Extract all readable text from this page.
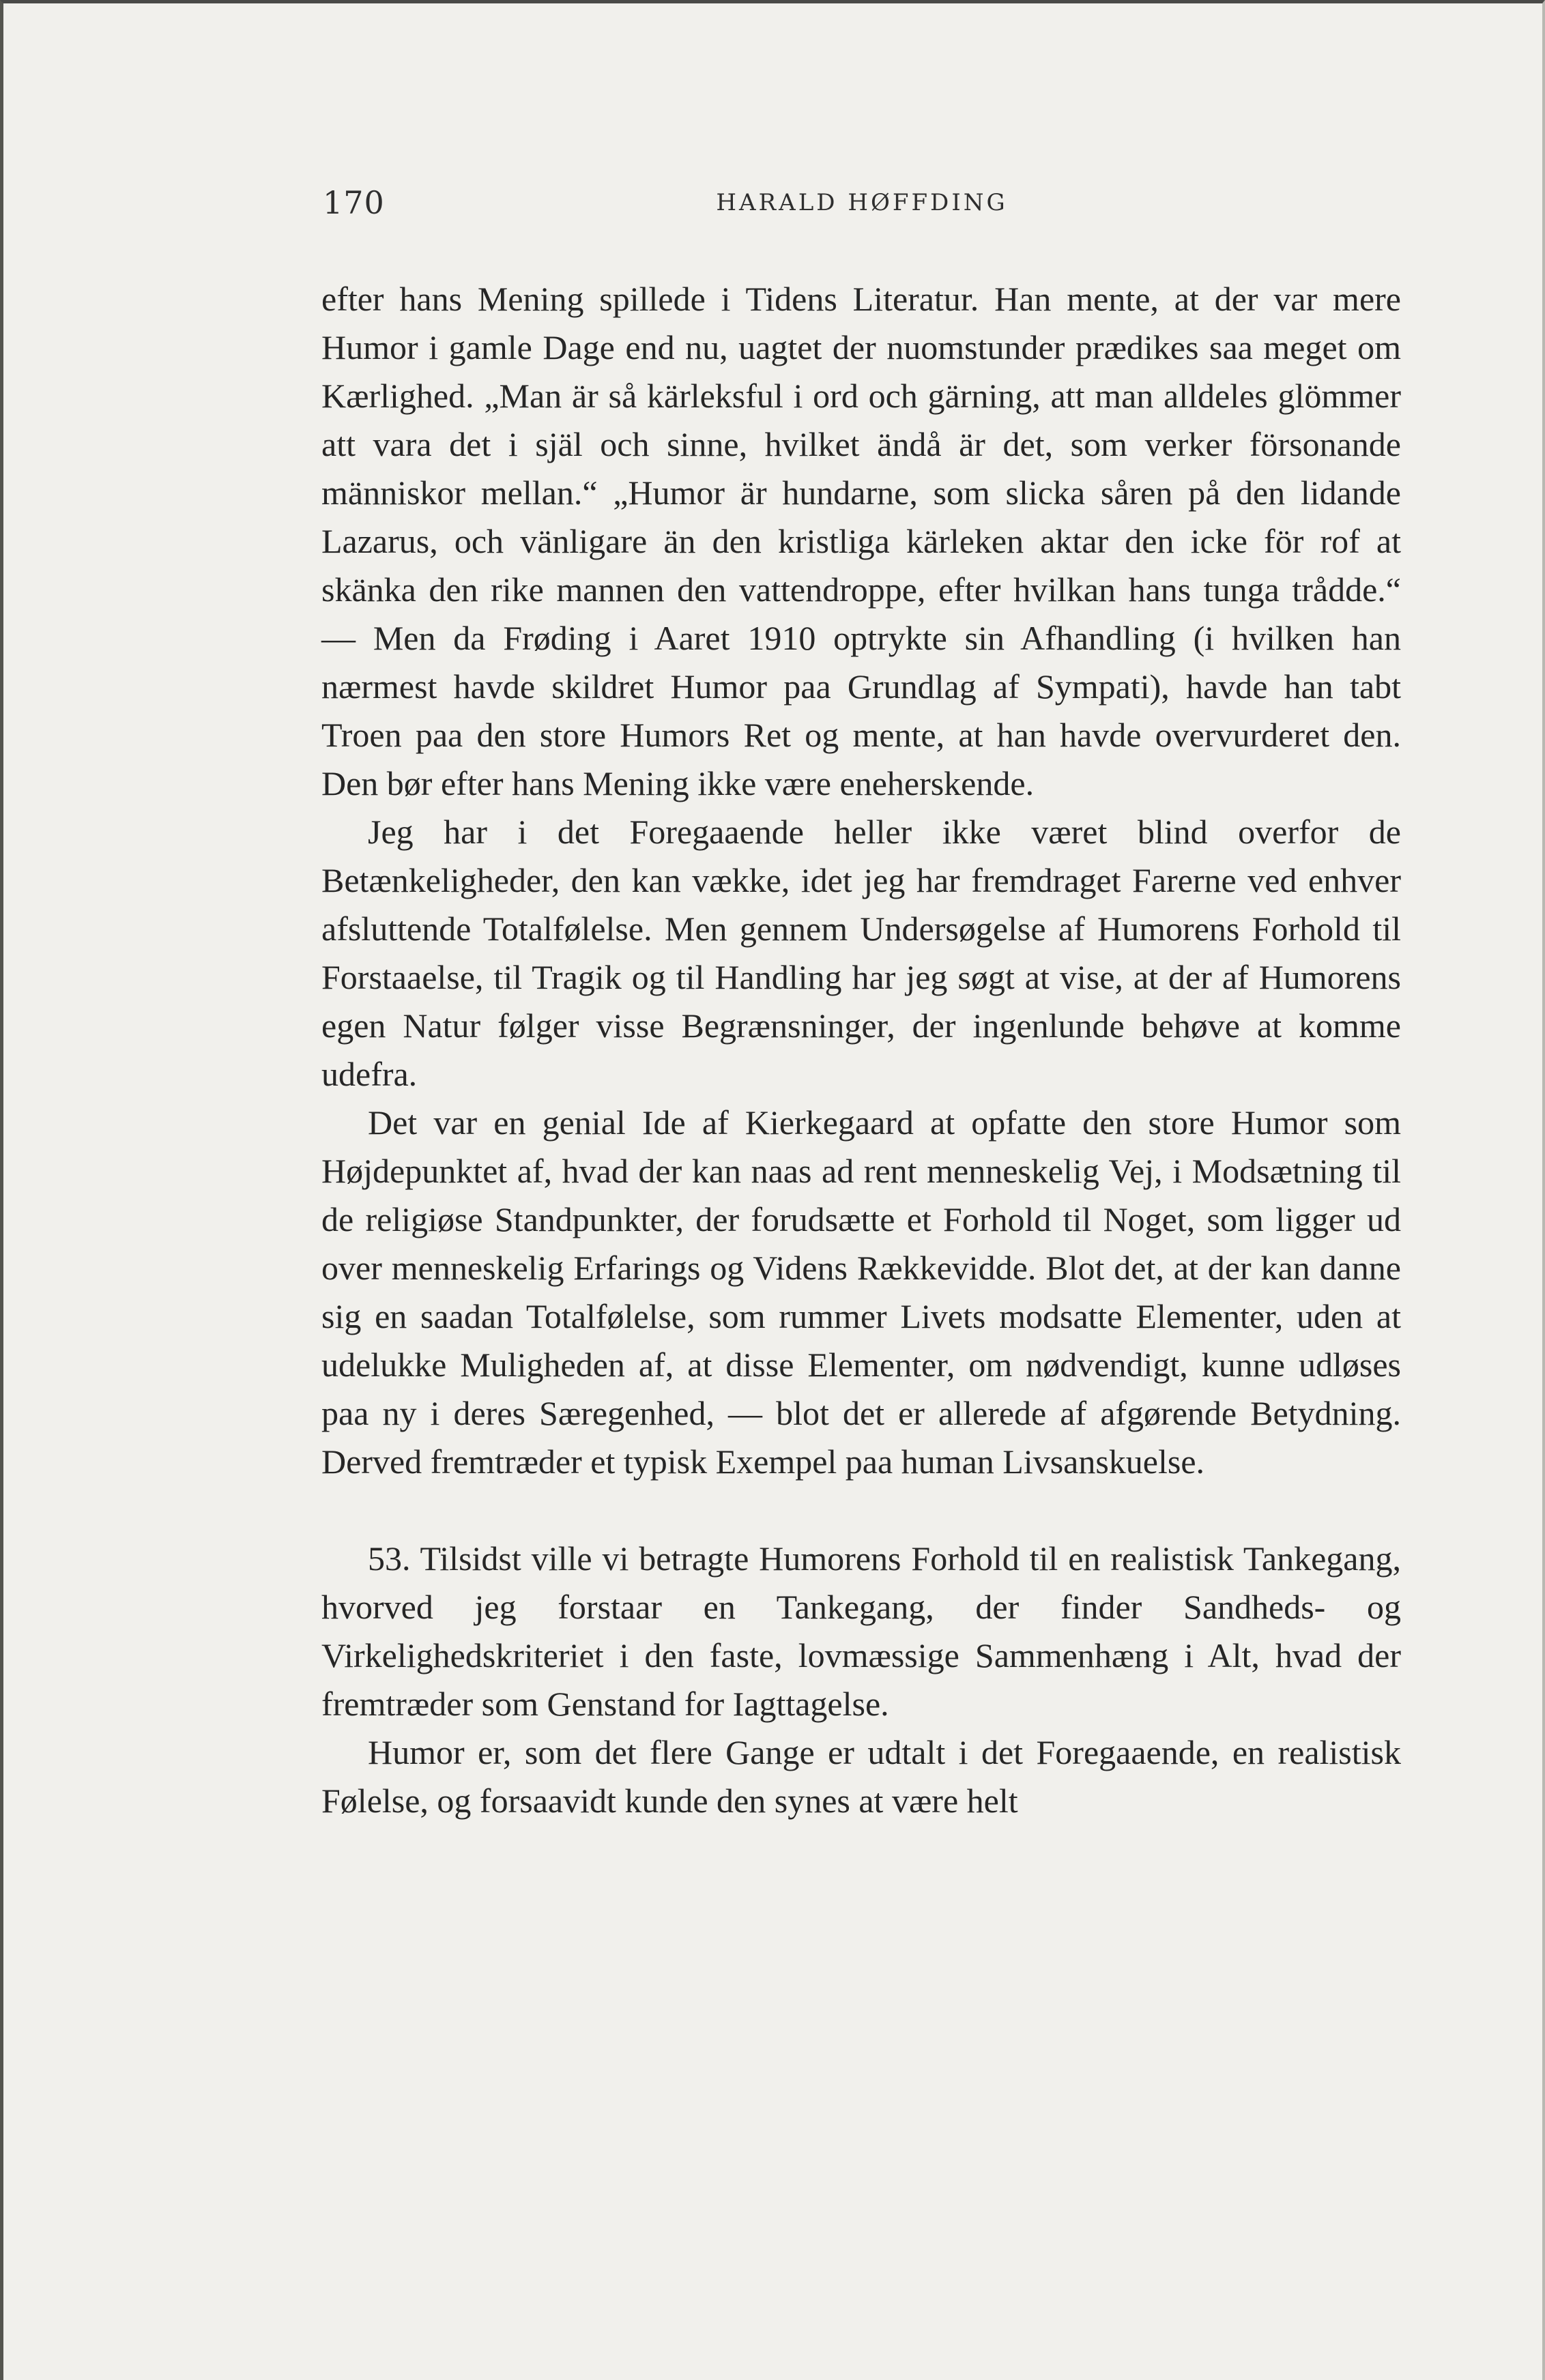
170	HARALD HØFFDING

efter hans Mening spillede i Tidens Literatur. Han mente, at der var mere Humor i gamle Dage end nu, uagtet der nuomstunder prædikes saa meget om Kærlighed. „Man är så kärleksful i ord och gärning, att man alldeles glömmer att vara det i själ och sinne, hvilket ändå är det, som verker försonande människor mellan.“ „Humor är hundarne, som slicka såren på den lidande Lazarus, och vänligare än den kristliga kärleken aktar den icke för rof at skänka den rike mannen den vattendroppe, efter hvilkan hans tunga trådde.“ — Men da Frøding i Aaret 1910 optrykte sin Afhandling (i hvilken han nærmest havde skildret Humor paa Grundlag af Sympati), havde han tabt Troen paa den store Humors Ret og mente, at han havde overvurderet den. Den bør efter hans Mening ikke være eneherskende.

Jeg har i det Foregaaende heller ikke været blind overfor de Betænkeligheder, den kan vække, idet jeg har fremdraget Farerne ved enhver afsluttende Totalfølelse. Men gennem Undersøgelse af Humorens Forhold til Forstaaelse, til Tragik og til Handling har jeg søgt at vise, at der af Humorens egen Natur følger visse Begrænsninger, der ingenlunde behøve at komme udefra.

Det var en genial Ide af Kierkegaard at opfatte den store Humor som Højdepunktet af, hvad der kan naas ad rent menneskelig Vej, i Modsætning til de religiøse Standpunkter, der forudsætte et Forhold til Noget, som ligger ud over menneskelig Erfarings og Videns Rækkevidde. Blot det, at der kan danne sig en saadan Totalfølelse, som rummer Livets modsatte Elementer, uden at udelukke Muligheden af, at disse Elementer, om nødvendigt, kunne udløses paa ny i deres Særegenhed, — blot det er allerede af afgørende Betydning. Derved fremtræder et typisk Exempel paa human Livsanskuelse.

53. Tilsidst ville vi betragte Humorens Forhold til en realistisk Tankegang, hvorved jeg forstaar en Tankegang, der finder Sandheds- og Virkelighedskriteriet i den faste, lovmæssige Sammenhæng i Alt, hvad der fremtræder som Genstand for Iagttagelse.

Humor er, som det flere Gange er udtalt i det Foregaaende, en realistisk Følelse, og forsaavidt kunde den synes at være helt
